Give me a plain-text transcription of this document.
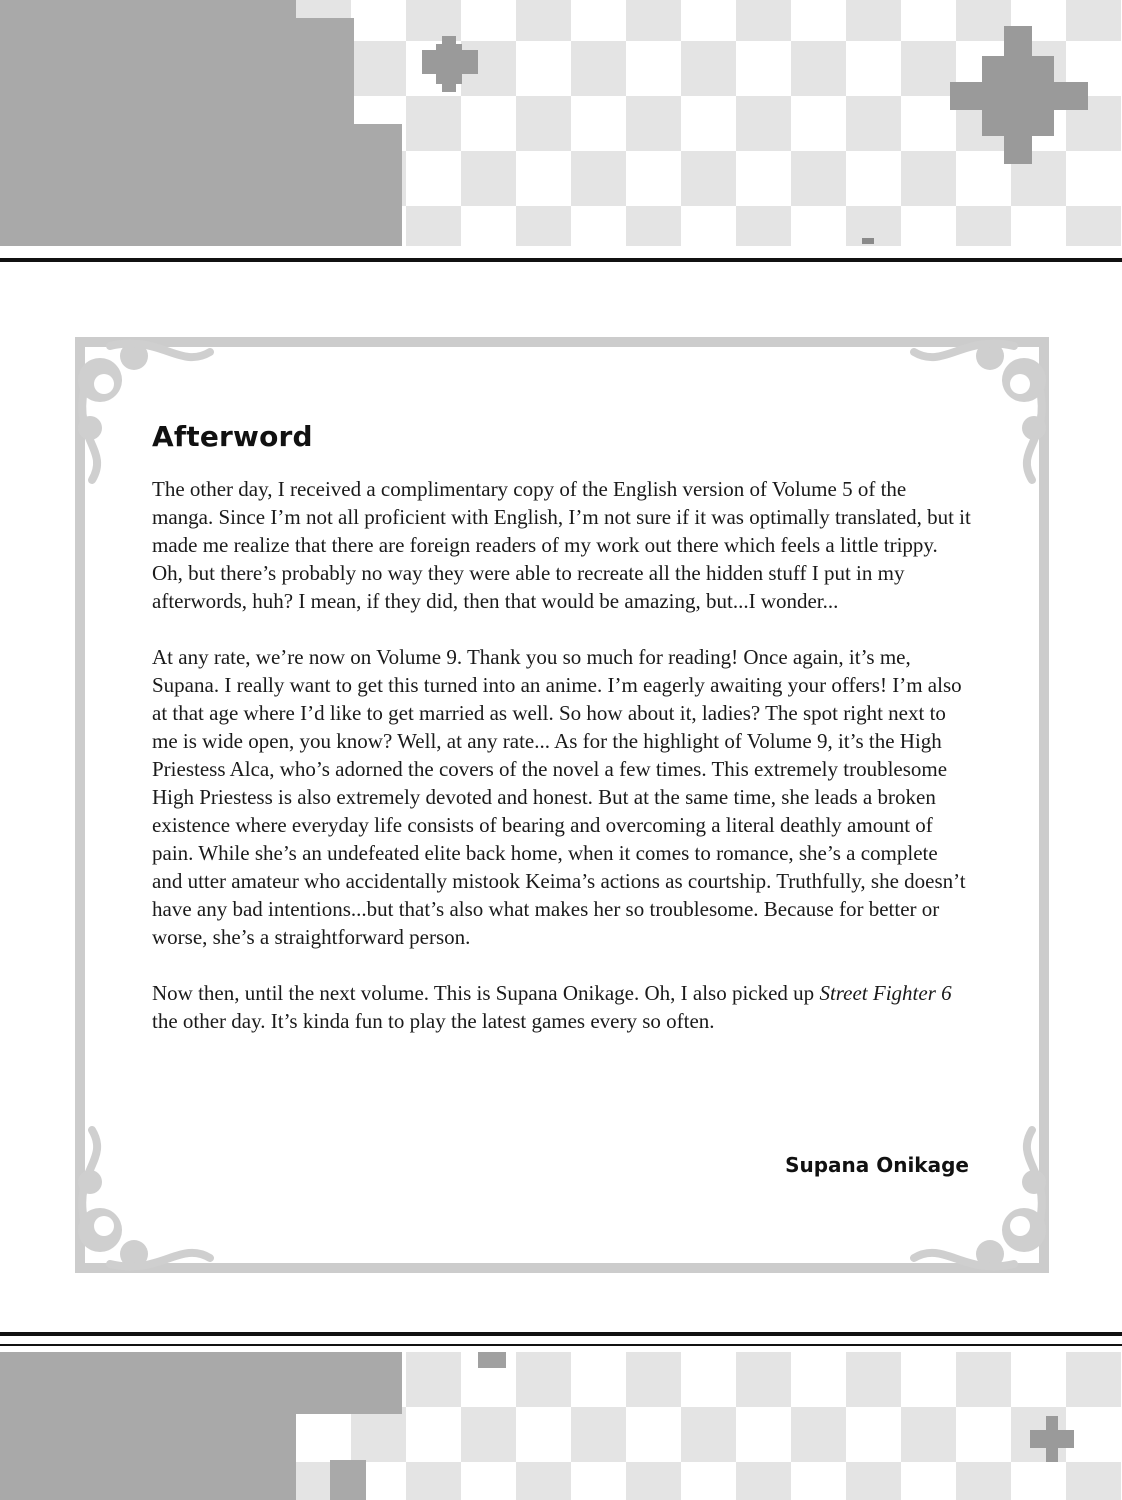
Afterword

The other day, I received a complimentary copy of the English version of Volume 5 of the manga. Since I’m not all proficient with English, I’m not sure if it was optimally translated, but it made me realize that there are foreign readers of my work out there which feels a little trippy. Oh, but there’s probably no way they were able to recreate all the hidden stuff I put in my afterwords, huh? I mean, if they did, then that would be amazing, but...I wonder...

At any rate, we’re now on Volume 9. Thank you so much for reading! Once again, it’s me, Supana. I really want to get this turned into an anime. I’m eagerly awaiting your offers! I’m also at that age where I’d like to get married as well. So how about it, ladies? The spot right next to me is wide open, you know? Well, at any rate... As for the highlight of Volume 9, it’s the High Priestess Alca, who’s adorned the covers of the novel a few times. This extremely troublesome High Priestess is also extremely devoted and honest. But at the same time, she leads a broken existence where everyday life consists of bearing and overcoming a literal deathly amount of pain. While she’s an undefeated elite back home, when it comes to romance, she’s a complete and utter amateur who accidentally mistook Keima’s actions as courtship. Truthfully, she doesn’t have any bad intentions...but that’s also what makes her so troublesome. Because for better or worse, she’s a straightforward person.

Now then, until the next volume. This is Supana Onikage. Oh, I also picked up Street Fighter 6 the other day. It’s kinda fun to play the latest games every so often.

Supana Onikage
